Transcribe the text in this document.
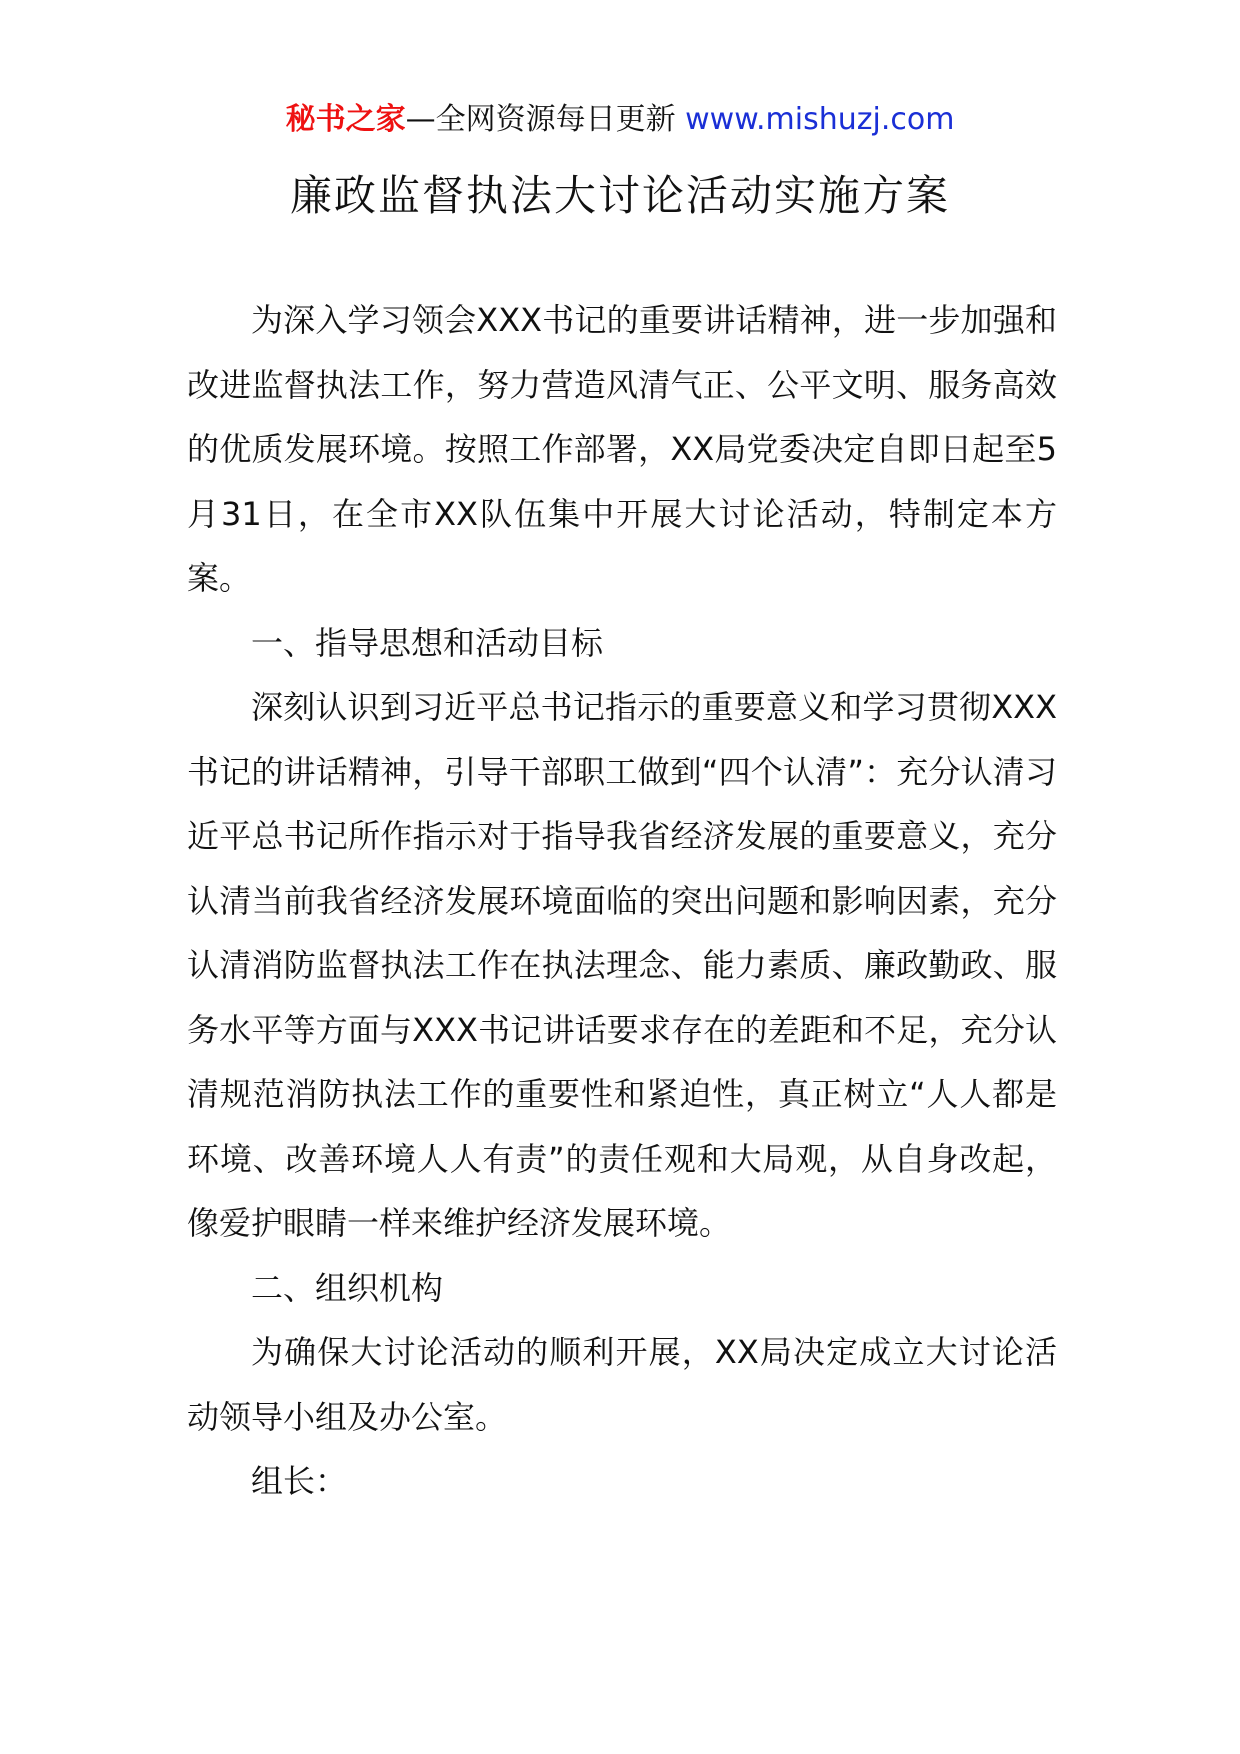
秘书之家—全网资源每日更新 www.mishuzj.com
廉政监督执法大讨论活动实施方案

为深入学习领会XXX书记的重要讲话精神，进一步加强和改进监督执法工作，努力营造风清气正、公平文明、服务高效的优质发展环境。按照工作部署，XX局党委决定自即日起至5月31日，在全市XX队伍集中开展大讨论活动，特制定本方案。

一、指导思想和活动目标

深刻认识到习近平总书记指示的重要意义和学习贯彻XXX书记的讲话精神，引导干部职工做到“四个认清”：充分认清习近平总书记所作指示对于指导我省经济发展的重要意义，充分认清当前我省经济发展环境面临的突出问题和影响因素，充分认清消防监督执法工作在执法理念、能力素质、廉政勤政、服务水平等方面与XXX书记讲话要求存在的差距和不足，充分认清规范消防执法工作的重要性和紧迫性，真正树立“人人都是环境、改善环境人人有责”的责任观和大局观，从自身改起，像爱护眼睛一样来维护经济发展环境。

二、组织机构

为确保大讨论活动的顺利开展，XX局决定成立大讨论活动领导小组及办公室。

组长：
